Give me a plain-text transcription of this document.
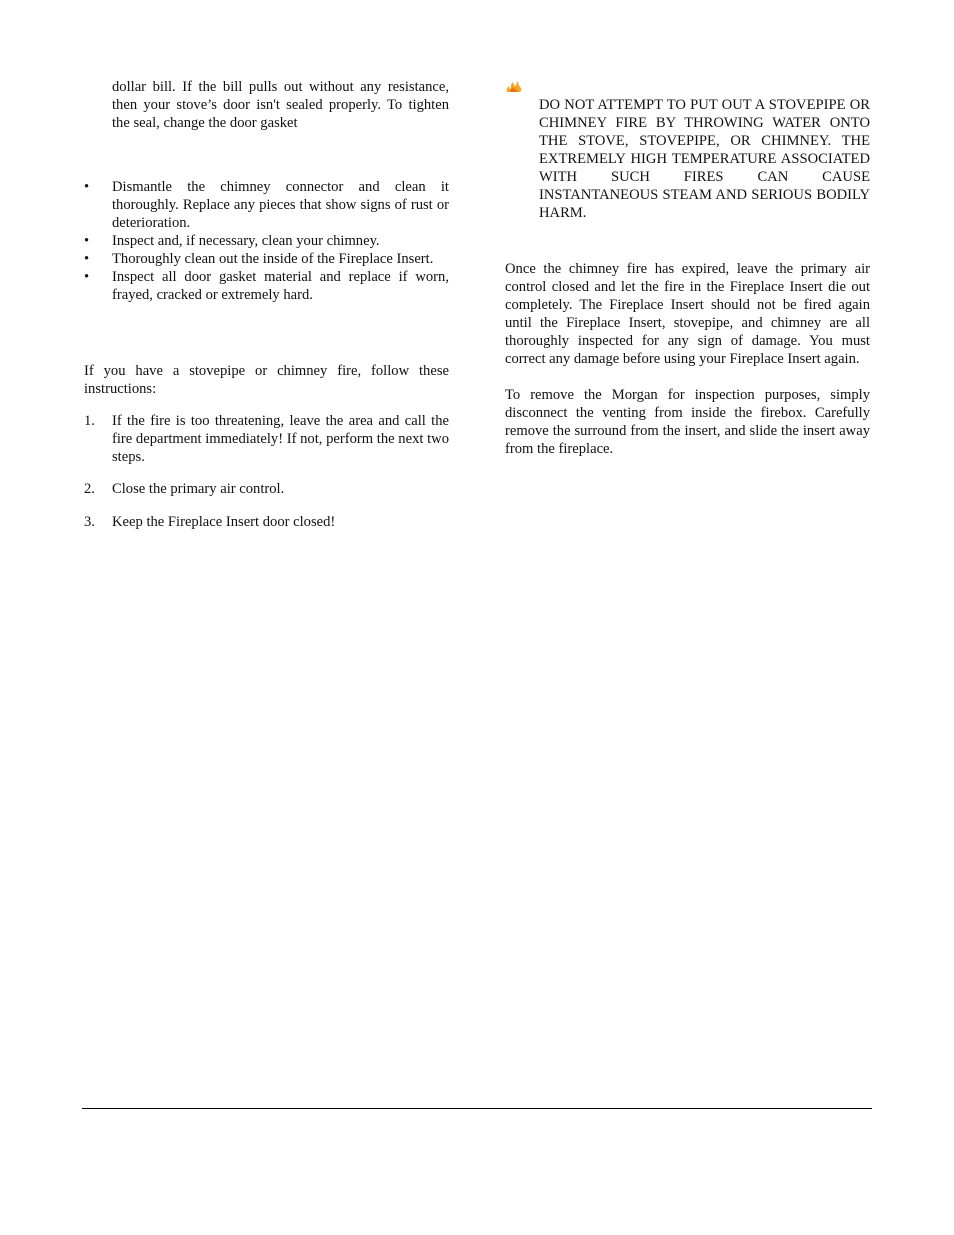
dollar bill. If the bill pulls out without any resistance, then your stove’s door isn't sealed properly. To tighten the seal, change the door gasket

•	Dismantle the chimney connector and clean it thoroughly. Replace any pieces that show signs of rust or deterioration.
•	Inspect and, if necessary, clean your chimney.
•	Thoroughly clean out the inside of the Fireplace Insert.
•	Inspect all door gasket material and replace if worn, frayed, cracked or extremely hard.

If you have a stovepipe or chimney fire, follow these instructions:

1. If the fire is too threatening, leave the area and call the fire department immediately! If not, perform the next two steps.
2. Close the primary air control.
3. Keep the Fireplace Insert door closed!

DO NOT ATTEMPT TO PUT OUT A STOVEPIPE OR CHIMNEY FIRE BY THROWING WATER ONTO THE STOVE, STOVEPIPE, OR CHIMNEY. THE EXTREMELY HIGH TEMPERATURE ASSOCIATED WITH SUCH FIRES CAN CAUSE INSTANTANEOUS STEAM AND SERIOUS BODILY HARM.

Once the chimney fire has expired, leave the primary air control closed and let the fire in the Fireplace Insert die out completely. The Fireplace Insert should not be fired again until the Fireplace Insert, stovepipe, and chimney are all thoroughly inspected for any sign of damage. You must correct any damage before using your Fireplace Insert again.

To remove the Morgan for inspection purposes, simply disconnect the venting from inside the firebox. Carefully remove the surround from the insert, and slide the insert away from the fireplace.
